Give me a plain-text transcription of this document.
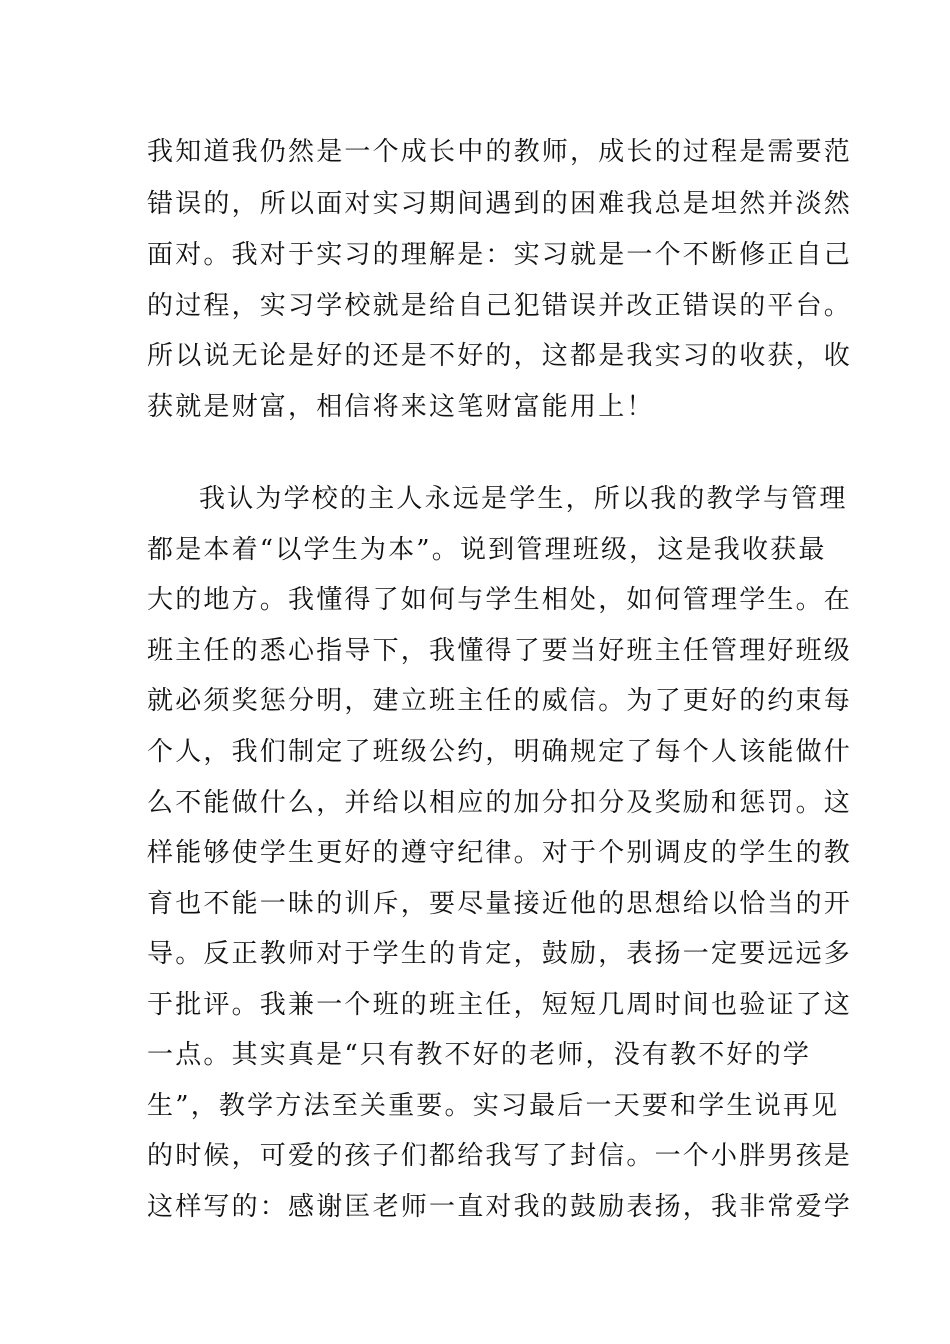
我知道我仍然是一个成长中的教师，成长的过程是需要范
错误的，所以面对实习期间遇到的困难我总是坦然并淡然
面对。我对于实习的理解是：实习就是一个不断修正自己
的过程，实习学校就是给自己犯错误并改正错误的平台。
所以说无论是好的还是不好的，这都是我实习的收获，收
获就是财富，相信将来这笔财富能用上！
我认为学校的主人永远是学生，所以我的教学与管理
都是本着“以学生为本”。说到管理班级，这是我收获最
大的地方。我懂得了如何与学生相处，如何管理学生。在
班主任的悉心指导下，我懂得了要当好班主任管理好班级
就必须奖惩分明，建立班主任的威信。为了更好的约束每
个人，我们制定了班级公约，明确规定了每个人该能做什
么不能做什么，并给以相应的加分扣分及奖励和惩罚。这
样能够使学生更好的遵守纪律。对于个别调皮的学生的教
育也不能一昧的训斥，要尽量接近他的思想给以恰当的开
导。反正教师对于学生的肯定，鼓励，表扬一定要远远多
于批评。我兼一个班的班主任，短短几周时间也验证了这
一点。其实真是“只有教不好的老师，没有教不好的学
生”，教学方法至关重要。实习最后一天要和学生说再见
的时候，可爱的孩子们都给我写了封信。一个小胖男孩是
这样写的：感谢匡老师一直对我的鼓励表扬，我非常爱学
